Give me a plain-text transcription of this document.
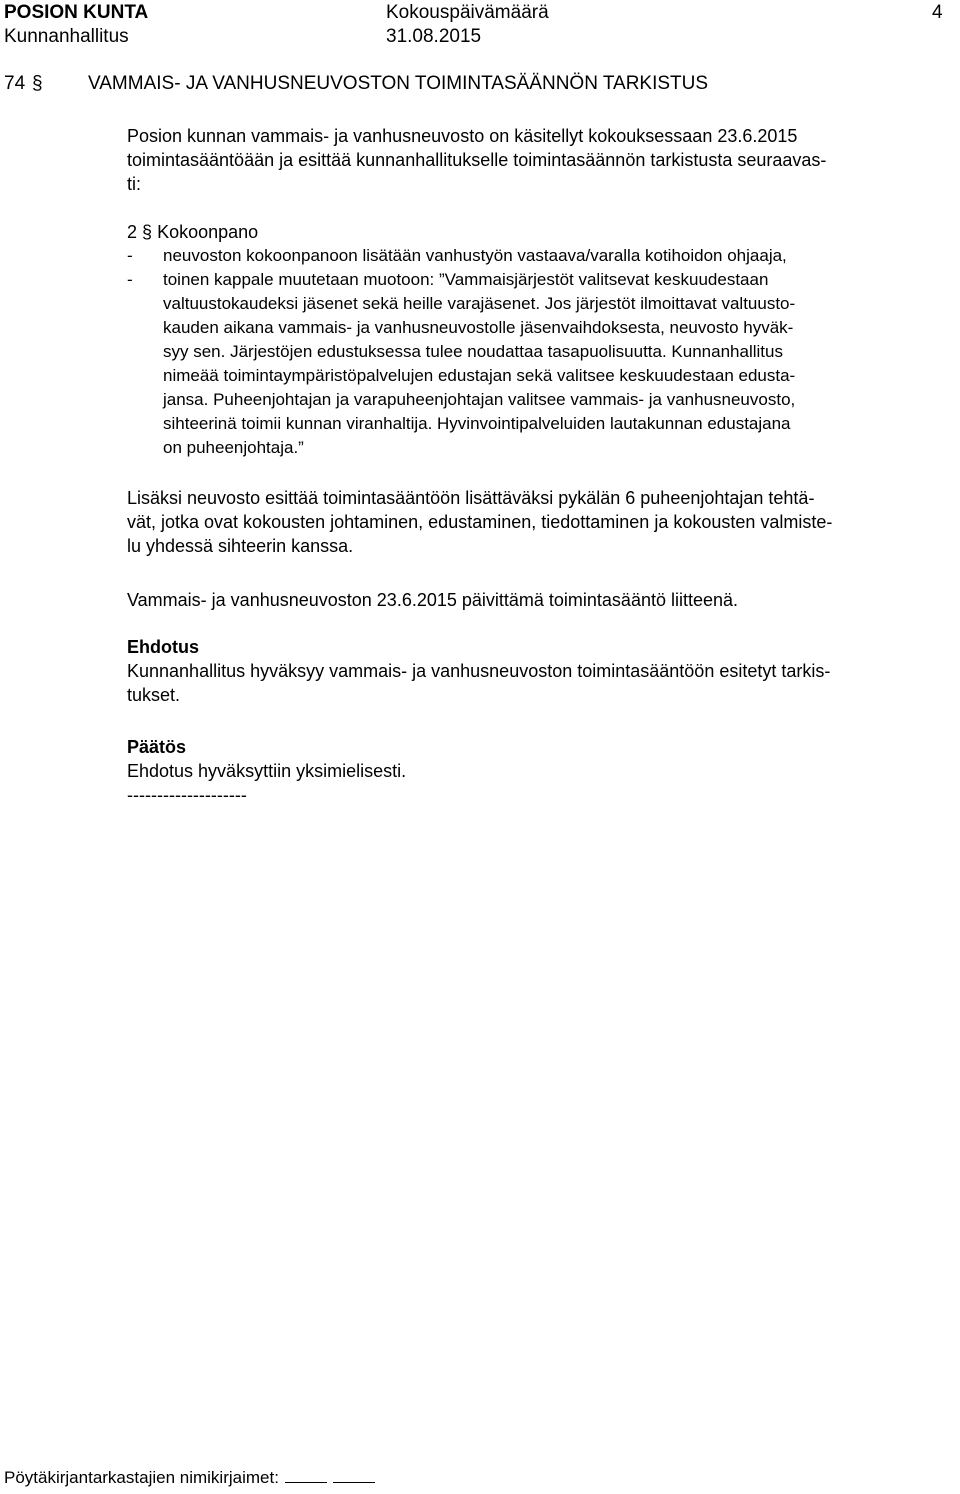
POSION KUNTA	Kokouspäivämäärä	4
Kunnanhallitus	31.08.2015
74 § VAMMAIS- JA VANHUSNEUVOSTON TOIMINTASÄÄNNÖN TARKISTUS

Posion kunnan vammais- ja vanhusneuvosto on käsitellyt kokouksessaan 23.6.2015

toimintasääntöään ja esittää kunnanhallitukselle toimintasäännön tarkistusta seuraavas-

ti:

2 § Kokoonpano
-	neuvoston kokoonpanoon lisätään vanhustyön vastaava/varalla kotihoidon ohjaaja,
-	toinen kappale muutetaan muotoon: ”Vammaisjärjestöt valitsevat keskuudestaan
valtuustokaudeksi jäsenet sekä heille varajäsenet. Jos järjestöt ilmoittavat valtuusto-
kauden aikana vammais- ja vanhusneuvostolle jäsenvaihdoksesta, neuvosto hyväk-
syy sen. Järjestöjen edustuksessa tulee noudattaa tasapuolisuutta. Kunnanhallitus
nimeää toimintaympäristöpalvelujen edustajan sekä valitsee keskuudestaan edusta-
jansa. Puheenjohtajan ja varapuheenjohtajan valitsee vammais- ja vanhusneuvosto,
sihteerinä toimii kunnan viranhaltija. Hyvinvointipalveluiden lautakunnan edustajana
on puheenjohtaja.”

Lisäksi neuvosto esittää toimintasääntöön lisättäväksi pykälän 6 puheenjohtajan tehtä-

vät, jotka ovat kokousten johtaminen, edustaminen, tiedottaminen ja kokousten valmiste-

lu yhdessä sihteerin kanssa.

Vammais- ja vanhusneuvoston 23.6.2015 päivittämä toimintasääntö liitteenä.

Ehdotus

Kunnanhallitus hyväksyy vammais- ja vanhusneuvoston toimintasääntöön esitetyt tarkis-

tukset.

Päätös

Ehdotus hyväksyttiin yksimielisesti.

--------------------

Pöytäkirjantarkastajien nimikirjaimet:
